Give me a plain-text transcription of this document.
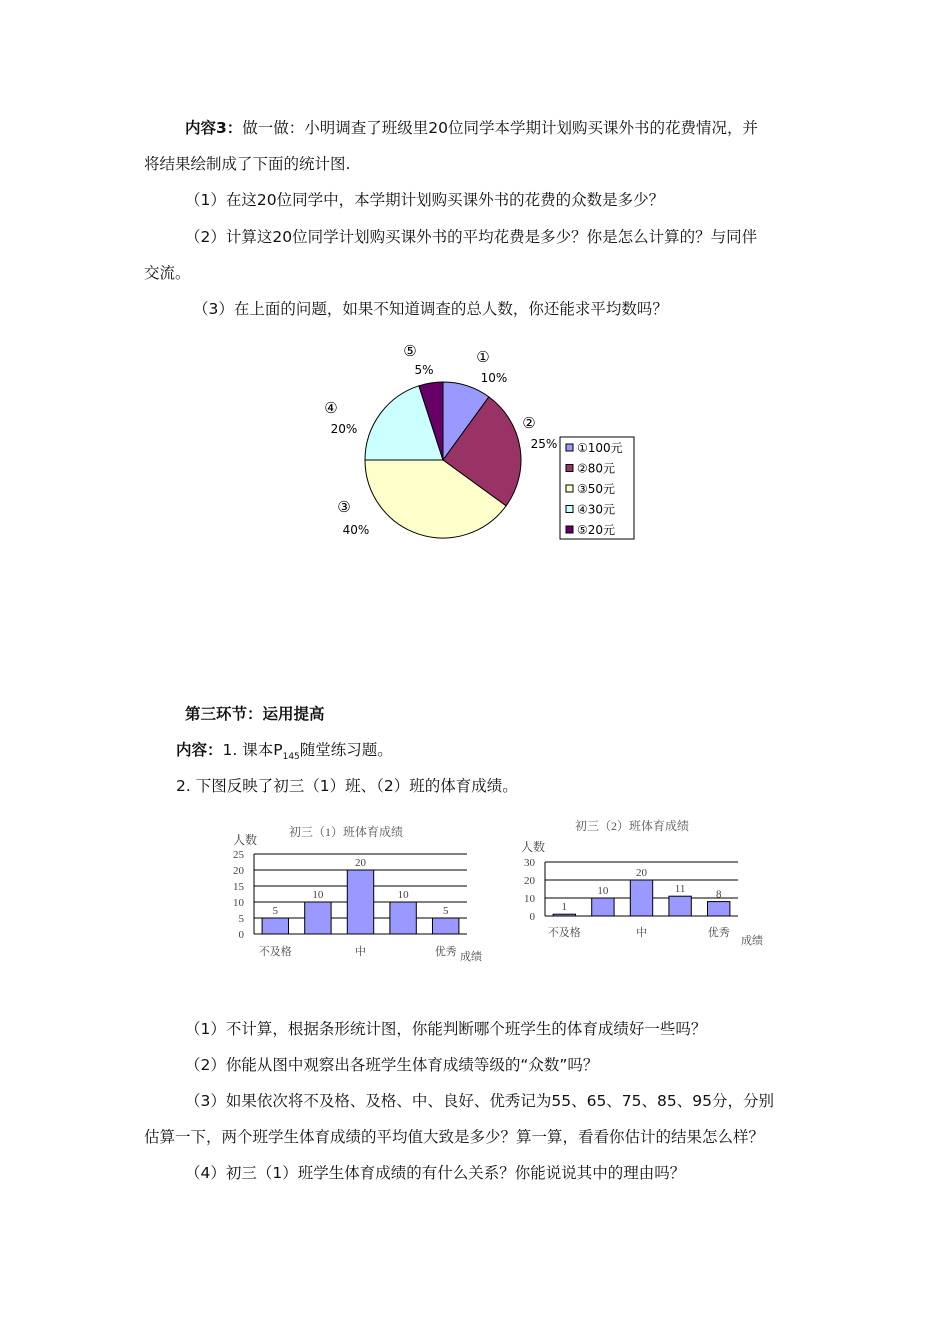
内容3：做一做：小明调查了班级里20位同学本学期计划购买课外书的花费情况，并
将结果绘制成了下面的统计图.
（1）在这20位同学中，本学期计划购买课外书的花费的众数是多少？
（2）计算这20位同学计划购买课外书的平均花费是多少？你是怎么计算的？与同伴
交流。
（3）在上面的问题，如果不知道调查的总人数，你还能求平均数吗？
①
10%
②
25%
③
40%
④
20%
⑤
5%
①100元
②80元
③50元
④30元
⑤20元
第三环节：运用提高
内容：1. 课本$P_{145}$随堂练习题。
2. 下图反映了初三（1）班、（2）班的体育成绩。
初三（1）班体育成绩
人数
0
5
10
15
20
25
5
不及格
10
20
中
10
5
优秀 成绩
初三（2）班体育成绩
人数
0
10
20
30
1
不及格
10
20
中
11	8
优秀
成绩
（1）不计算，根据条形统计图，你能判断哪个班学生的体育成绩好一些吗？
（2）你能从图中观察出各班学生体育成绩等级的“众数”吗？
（3）如果依次将不及格、及格、中、良好、优秀记为55、65、75、85、95分，分别
估算一下，两个班学生体育成绩的平均值大致是多少？算一算，看看你估计的结果怎么样？
（4）初三（1）班学生体育成绩的有什么关系？你能说说其中的理由吗？
